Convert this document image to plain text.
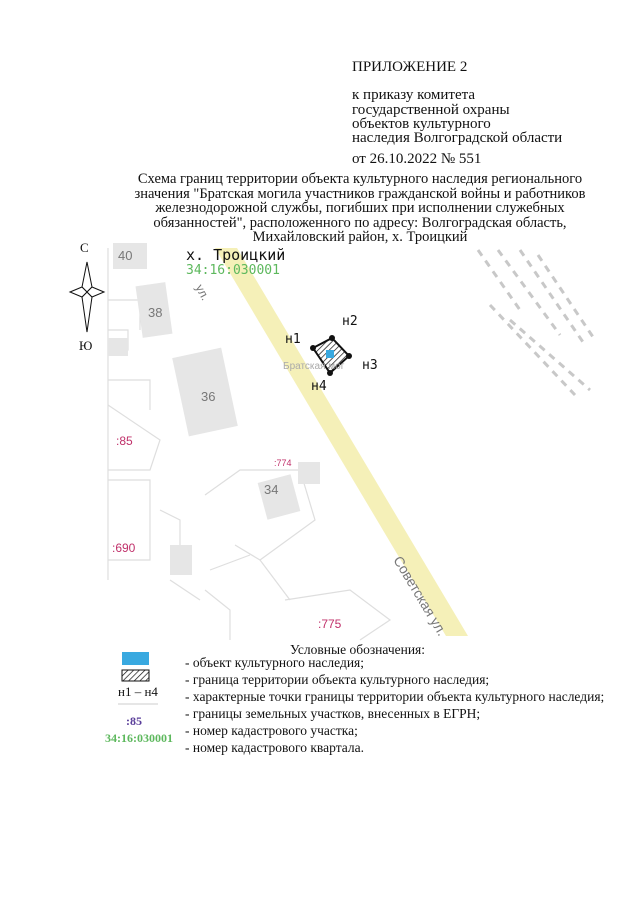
ПРИЛОЖЕНИЕ 2
к приказу комитета
государственной охраны
объектов культурного
наследия Волгоградской области
от 26.10.2022 № 551
Схема границ территории объекта культурного наследия регионального
значения "Братская могила участников гражданской войны и работников
железнодорожной службы, погибших при исполнении служебных
обязанностей", расположенного по адресу: Волгоградская область,
Михайловский район, х. Троицкий
С
Ю
х. Троицкий
34:16:030001
40
38
36
34
:85
:774
:690
:775
ул.
Советская ул.
Братская мог
н1
н2
н3
н4
Условные обозначения:
н1 – н4
:85
34:16:030001
- объект культурного наследия;
- граница территории объекта культурного наследия;
- характерные точки границы территории объекта культурного наследия;
- границы земельных участков, внесенных в ЕГРН;
- номер кадастрового участка;
- номер кадастрового квартала.
